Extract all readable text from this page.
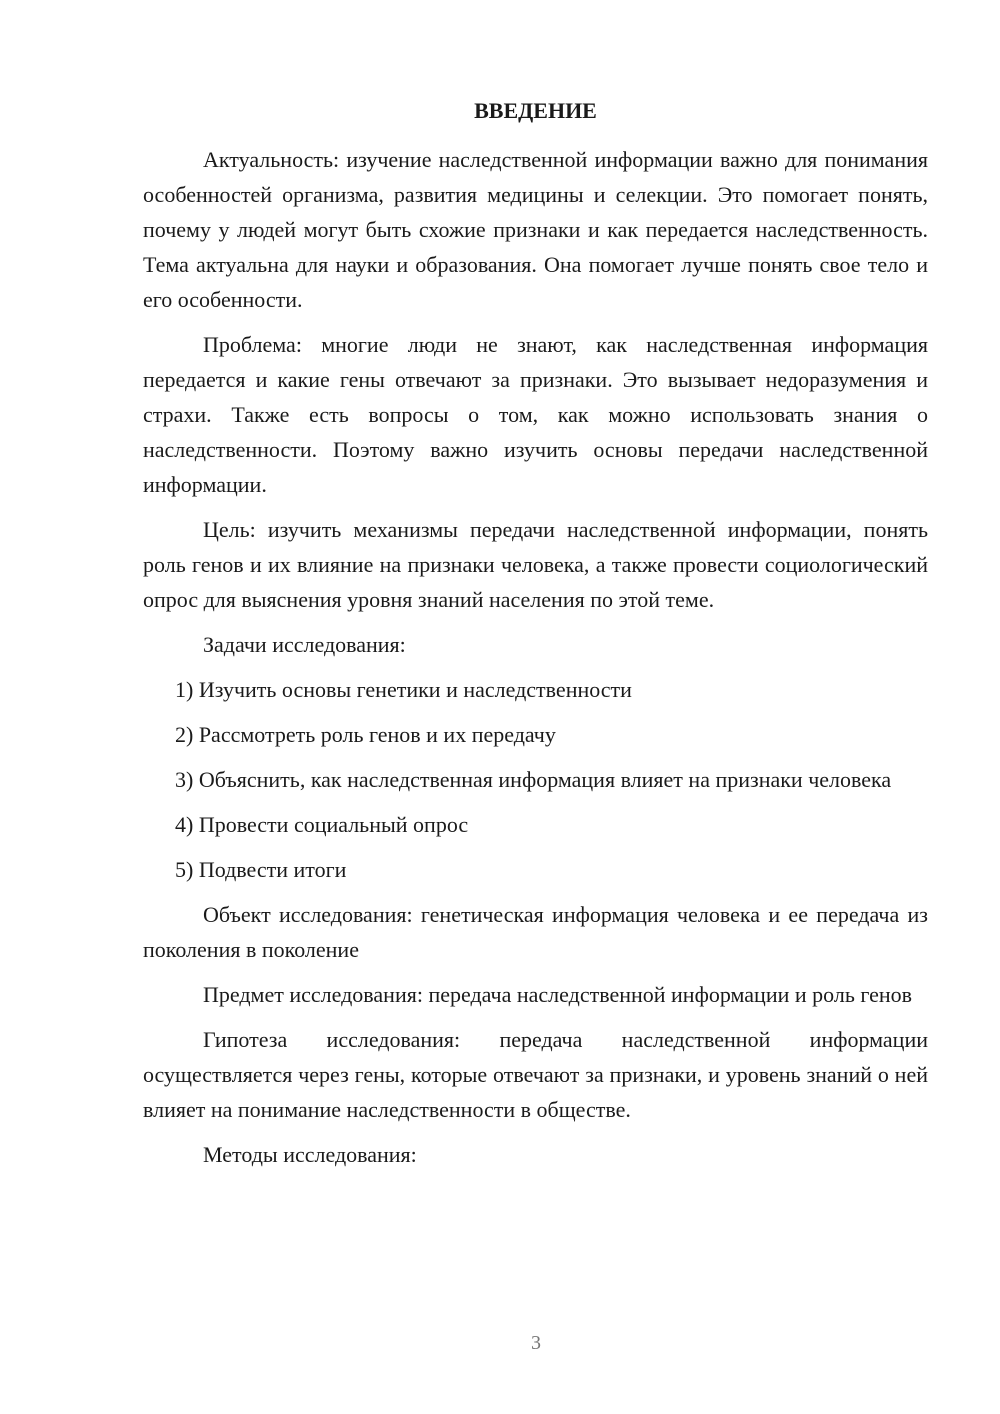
ВВЕДЕНИЕ

Актуальность: изучение наследственной информации важно для понимания особенностей организма, развития медицины и селекции. Это помогает понять, почему у людей могут быть схожие признаки и как передается наследственность. Тема актуальна для науки и образования. Она помогает лучше понять свое тело и его особенности.

Проблема: многие люди не знают, как наследственная информация передается и какие гены отвечают за признаки. Это вызывает недоразумения и страхи. Также есть вопросы о том, как можно использовать знания о наследственности. Поэтому важно изучить основы передачи наследственной информации.

Цель: изучить механизмы передачи наследственной информации, понять роль генов и их влияние на признаки человека, а также провести социологический опрос для выяснения уровня знаний населения по этой теме.

Задачи исследования:

1) Изучить основы генетики и наследственности

2) Рассмотреть роль генов и их передачу

3) Объяснить, как наследственная информация влияет на признаки человека

4) Провести социальный опрос

5) Подвести итоги

Объект исследования: генетическая информация человека и ее передача из поколения в поколение

Предмет исследования: передача наследственной информации и роль генов

Гипотеза исследования: передача наследственной информации осуществляется через гены, которые отвечают за признаки, и уровень знаний о ней влияет на понимание наследственности в обществе.

Методы исследования:

3
